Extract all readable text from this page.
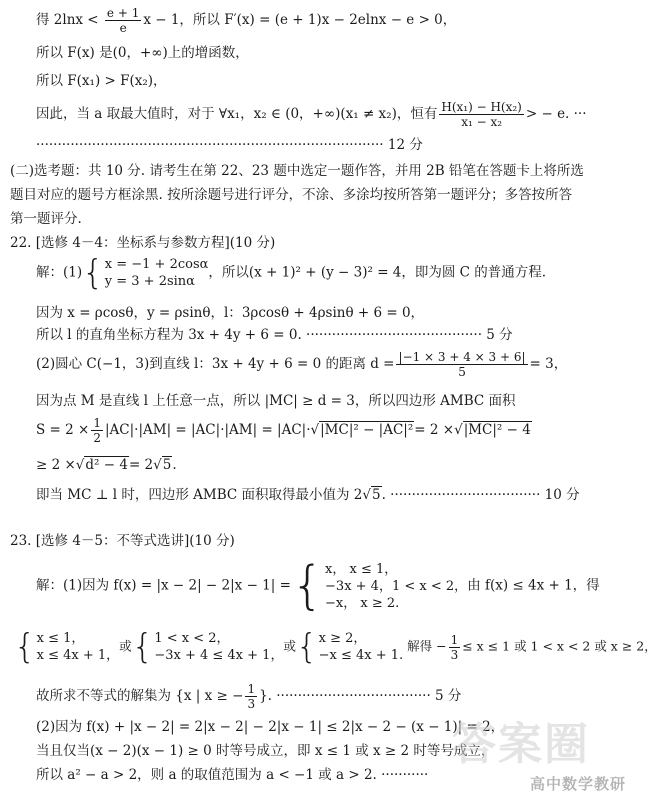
得 $2\ln x < \frac{e + 1}{e}$ x − 1，所以 F′(x) = (e + 1)x − 2elnx − e > 0，
所以 F(x) 是(0，+∞)上的增函数，
所以 F(x₁) > F(x₂)，
因此，当 a 取最大值时，对于 ∀x₁，x₂ ∈ (0，+∞)(x₁ ≠ x₂)，恒有 $\frac{\text{H(x₁) − H(x₂)}}{\text{x₁ − x₂}}$ > − e. ···
················································································· 12 分
(二)选考题：共 10 分. 请考生在第 22、23 题中选定一题作答，并用 2B 铅笔在答题卡上将所选
题目对应的题号方框涂黑. 按所涂题号进行评分，不涂、多涂均按所答第一题评分；多答按所答
第一题评分.
22. [选修 4－4：坐标系与参数方程](10 分)
解：(1){ x = −1 + 2cosα
y = 3 + 2sinα
，所以(x + 1)² + (y − 3)² = 4，即为圆 C 的普通方程.
因为 x = ρcosθ，y = ρsinθ，l：3ρcosθ + 4ρsinθ + 6 = 0，
所以 l 的直角坐标方程为 3x + 4y + 6 = 0. ········································· 5 分
(2)圆心 C(−1，3)到直线 l：3x + 4y + 6 = 0 的距离 $d = \frac{|-1 \times 3 + 4 \times 3 + 6|}{5} = 3$，
因为点 M 是直线 l 上任意一点，所以 |MC| ≥ d = 3，所以四边形 AMBC 面积
$S = 2 \times \frac{1}{2} |AC|\cdot|AM| = |AC|\cdot|AM| = |AC|\cdot√|MC|^2 - |AC|^2= 2 \times√|MC|^2 - 4$
≥ 2 ×√d² − 4= 2√5.
即当 MC ⊥ l 时，四边形 AMBC 面积取得最小值为 2√5. ··································· 10 分
23. [选修 4－5：不等式选讲](10 分)
解：(1)因为 f(x) = |x − 2| − 2|x − 1| ={ x， x ≤ 1，
−3x + 4，1 < x < 2，
−x， x ≥ 2.
由 f(x) ≤ 4x + 1，得
{ x ≤ 1，
x ≤ 4x + 1，
或{ 1 < x < 2，
−3x + 4 ≤ 4x + 1，
或{ x ≥ 2，
−x ≤ 4x + 1.
解得 − $\frac{1}{3} \le x \le 1$ 或 1 < x < 2 或 x ≥ 2，
故所求不等式的解集为 {x | x ≥ − $\frac{1}{3}$ }. ···································· 5 分
(2)因为 f(x) + |x − 2| = 2|x − 2| − 2|x − 1| ≤ 2|x − 2 − (x − 1)| = 2，
当且仅当(x − 2)(x − 1) ≥ 0 时等号成立，即 x ≤ 1 或 x ≥ 2 时等号成立，
所以 a² − a > 2，则 a 的取值范围为 a < −1 或 a > 2. ···········
答案圈
高中数学教研
